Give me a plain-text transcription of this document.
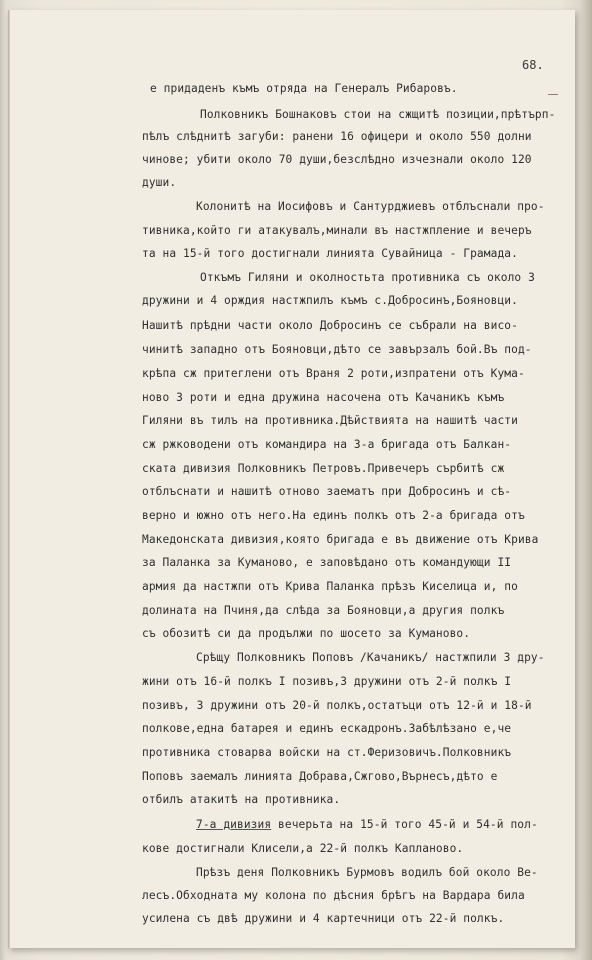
68.
е придаденъ къмъ отряда на Генералъ Рибаровъ.
Полковникъ Бошнаковъ стои на сжщитѣ позиции,прѣтърп-
пѣлъ слѣднитѣ загуби: ранени 16 офицери и около 550 долни
чинове; убити около 70 души,безслѣдно изчезнали около 120
души.
Колонитѣ на Иосифовъ и Сантурджиевъ отблъснали про-
тивника,който ги атакувалъ,минали въ настжпление и вечеръ
та на 15-й того достигнали линията Сувайница - Грамада.
Откъмъ Гиляни и околностьта противника съ около 3
дружини и 4 орждия настжпилъ къмъ с.Добросинъ,Бояновци.
Нашитѣ прѣдни части около Добросинъ се събрали на висо-
чинитѣ западно отъ Бояновци,дѣто се завързалъ бой.Въ под-
крѣпа сж притеглени отъ Враня 2 роти,изпратени отъ Кума-
ново 3 роти и една дружина насочена отъ Качаникъ къмъ
Гиляни въ тилъ на противника.Дѣйствията на нашитѣ части
сж ржководени отъ командира на 3-а бригада отъ Балкан-
ската дивизия Полковникъ Петровъ.Привечеръ сърбитѣ сж
отблъснати и нашитѣ отново заематъ при Добросинъ и сѣ-
верно и южно отъ него.На единъ полкъ отъ 2-а бригада отъ
Македонската дивизия,която бригада е въ движение отъ Крива
за Паланка за Куманово, е заповѣдано отъ командующи II
армия да настжпи отъ Крива Паланка прѣзъ Киселица и, по
долината на Пчиня,да слѣда за Бояновци,а другия полкъ
съ обозитѣ си да продължи по шосето за Куманово.
Срѣщу Полковникъ Поповъ /Качаникъ/ настжпили 3 дру-
жини отъ 16-й полкъ I позивъ,3 дружини отъ 2-й полкъ I
позивъ, 3 дружини отъ 20-й полкъ,остатъци отъ 12-й и 18-й
полкове,една батарея и единъ ескадронъ.Забѣлѣзано е,че
противника стоварва войски на ст.Феризовичъ.Полковникъ
Поповъ заемалъ линията Добрава,Сжгово,Върнесъ,дѣто е
отбилъ атакитѣ на противника.
7-а дивизия вечерьта на 15-й того 45-й и 54-й пол-
кове достигнали Клисели,а 22-й полкъ Капланово.
Прѣзъ деня Полковникъ Бурмовъ водилъ бой около Ве-
лесъ.Обходната му колона по дѣсния брѣгъ на Вардара била
усилена съ двѣ дружини и 4 картечници отъ 22-й полкъ.
